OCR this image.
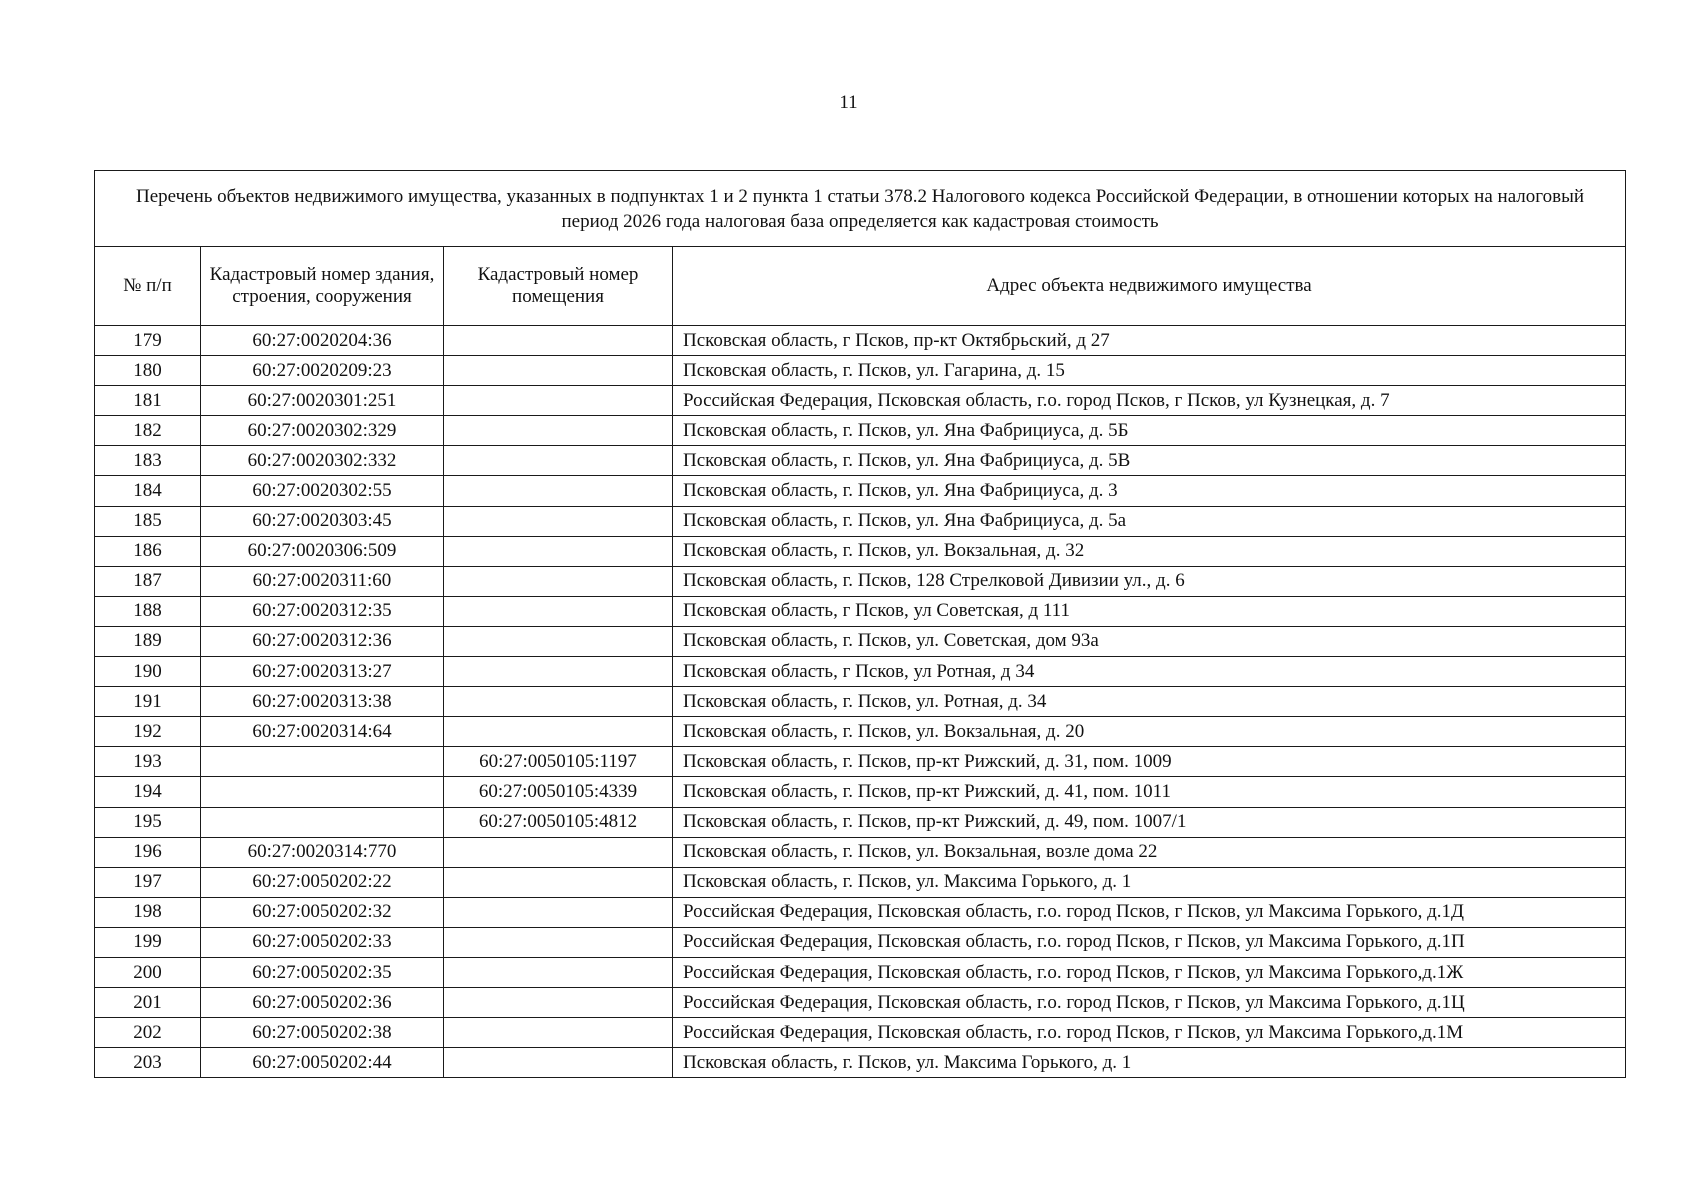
11
Перечень объектов недвижимого имущества, указанных в подпунктах 1 и 2 пункта 1 статьи 378.2 Налогового кодекса Российской Федерации, в отношении которых на налоговый период 2026 года налоговая база определяется как кадастровая стоимость			
№ п/п	Кадастровый номер здания, строения, сооружения	Кадастровый номер помещения	Адрес объекта недвижимого имущества
179	60:27:0020204:36		Псковская область, г Псков, пр-кт Октябрьский, д 27
180	60:27:0020209:23		Псковская область, г. Псков, ул. Гагарина, д. 15
181	60:27:0020301:251		Российская Федерация, Псковская область, г.о. город Псков, г Псков, ул Кузнецкая, д. 7
182	60:27:0020302:329		Псковская область, г. Псков, ул. Яна Фабрициуса, д. 5Б
183	60:27:0020302:332		Псковская область, г. Псков, ул. Яна Фабрициуса, д. 5В
184	60:27:0020302:55		Псковская область, г. Псков, ул. Яна Фабрициуса, д. 3
185	60:27:0020303:45		Псковская область, г. Псков, ул. Яна Фабрициуса, д. 5а
186	60:27:0020306:509		Псковская область, г. Псков, ул. Вокзальная, д. 32
187	60:27:0020311:60		Псковская область, г. Псков, 128 Стрелковой Дивизии ул., д. 6
188	60:27:0020312:35		Псковская область, г Псков, ул Советская, д 111
189	60:27:0020312:36		Псковская область, г. Псков, ул. Советская, дом 93а
190	60:27:0020313:27		Псковская область, г Псков, ул Ротная, д 34
191	60:27:0020313:38		Псковская область, г. Псков, ул. Ротная, д. 34
192	60:27:0020314:64		Псковская область, г. Псков, ул. Вокзальная, д. 20
193		60:27:0050105:1197	Псковская область, г. Псков, пр-кт Рижский, д. 31, пом. 1009
194		60:27:0050105:4339	Псковская область, г. Псков, пр-кт Рижский, д. 41, пом. 1011
195		60:27:0050105:4812	Псковская область, г. Псков, пр-кт Рижский, д. 49, пом. 1007/1
196	60:27:0020314:770		Псковская область, г. Псков, ул. Вокзальная, возле дома 22
197	60:27:0050202:22		Псковская область, г. Псков, ул. Максима Горького, д. 1
198	60:27:0050202:32		Российская Федерация, Псковская область, г.о. город Псков, г Псков, ул Максима Горького, д.1Д
199	60:27:0050202:33		Российская Федерация, Псковская область, г.о. город Псков, г Псков, ул Максима Горького, д.1П
200	60:27:0050202:35		Российская Федерация, Псковская область, г.о. город Псков, г Псков, ул Максима Горького,д.1Ж
201	60:27:0050202:36		Российская Федерация, Псковская область, г.о. город Псков, г Псков, ул Максима Горького, д.1Ц
202	60:27:0050202:38		Российская Федерация, Псковская область, г.о. город Псков, г Псков, ул Максима Горького,д.1М
203	60:27:0050202:44		Псковская область, г. Псков, ул. Максима Горького, д. 1
